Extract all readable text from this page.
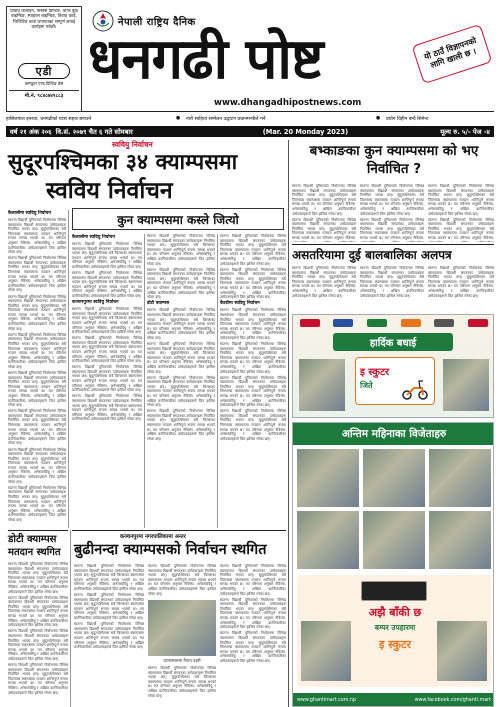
प्रविधि डिजाइन, फ्लेक्स प्रिन्टिङ, वायर बुक बाइन्डिङ, स्पाइरल बाइन्डिङ, विवाह कार्ड, भिजिटिङ कार्ड लगायतका सम्पूर्ण छपाई कार्यहरू गर्दछौं।
एडी
कम्प्युटर एण्ड प्रिन्टिङ प्रेस
मो.नं. ९८४८७४९८८३
नेपाली राष्ट्रिय दैनिक
धनगढी पोष्ट
www.dhangadhipostnews.com
यो ठाउँ विज्ञापनको लागि खाली छ ।
हासिलपाल इनरवा, धनगढीको यात्रा सहज बनाउने	●	नारी साहित्य सम्मेलन उद्घाटन प्रधानमन्त्रीले गर्ने	●	प्रयोग विहीन बन्दै सिमेन्ट
वर्ष २१ अंक २०६ वि.सं. २०७९ चैत ६ गते सोमबार	(Mar. 20 Monday 2023)	मूल्य रु. ५/- पेज -४
स्ववियु निर्वाचन
सुदूरपश्चिमका ३४ क्याम्पसमा
स्वविय निर्वाचन
कुन क्याम्पसमा कस्ले जित्यो

कैलालीमा स्ववियु निर्वाचन

स्वतन्त्र विद्यार्थी युनियनको निर्वाचनमा विभिन्न क्याम्पसमा विद्यार्थी संगठनका उम्मेदवारहरू निर्वाचित भएका छन्। सुदूरपश्चिमका सबै जिल्लाका क्याम्पसमा मतदान शान्तिपूर्ण रूपमा सम्पन्न भएको छ। मत परिणाम अनुसार नेविसंघ, अनेरास्ववियु र अखिल क्रान्तिकारीका उम्मेदवारहरूले जित हासिल गरेका छन्।

स्वतन्त्र विद्यार्थी युनियनको निर्वाचनमा विभिन्न क्याम्पसमा विद्यार्थी संगठनका उम्मेदवारहरू निर्वाचित भएका छन्। सुदूरपश्चिमका सबै जिल्लाका क्याम्पसमा मतदान शान्तिपूर्ण रूपमा सम्पन्न भएको छ। मत परिणाम अनुसार नेविसंघ, अनेरास्ववियु र अखिल क्रान्तिकारीका उम्मेदवारहरूले जित हासिल गरेका छन्।

स्वतन्त्र विद्यार्थी युनियनको निर्वाचनमा विभिन्न क्याम्पसमा विद्यार्थी संगठनका उम्मेदवारहरू निर्वाचित भएका छन्। सुदूरपश्चिमका सबै जिल्लाका क्याम्पसमा मतदान शान्तिपूर्ण रूपमा सम्पन्न भएको छ। मत परिणाम अनुसार नेविसंघ, अनेरास्ववियु र अखिल क्रान्तिकारीका उम्मेदवारहरूले जित हासिल गरेका छन्।

स्वतन्त्र विद्यार्थी युनियनको निर्वाचनमा विभिन्न क्याम्पसमा विद्यार्थी संगठनका उम्मेदवारहरू निर्वाचित भएका छन्। सुदूरपश्चिमका सबै जिल्लाका क्याम्पसमा मतदान शान्तिपूर्ण रूपमा सम्पन्न भएको छ। मत परिणाम अनुसार नेविसंघ, अनेरास्ववियु र अखिल क्रान्तिकारीका उम्मेदवारहरूले जित हासिल गरेका छन्।

स्वतन्त्र विद्यार्थी युनियनको निर्वाचनमा विभिन्न क्याम्पसमा विद्यार्थी संगठनका उम्मेदवारहरू निर्वाचित भएका छन्। सुदूरपश्चिमका सबै जिल्लाका क्याम्पसमा मतदान शान्तिपूर्ण रूपमा सम्पन्न भएको छ। मत परिणाम अनुसार नेविसंघ, अनेरास्ववियु र अखिल क्रान्तिकारीका उम्मेदवारहरूले जित हासिल गरेका छन्।

स्वतन्त्र विद्यार्थी युनियनको निर्वाचनमा विभिन्न क्याम्पसमा विद्यार्थी संगठनका उम्मेदवारहरू निर्वाचित भएका छन्। सुदूरपश्चिमका सबै जिल्लाका क्याम्पसमा मतदान शान्तिपूर्ण रूपमा सम्पन्न भएको छ। मत परिणाम अनुसार नेविसंघ, अनेरास्ववियु र अखिल क्रान्तिकारीका उम्मेदवारहरूले जित हासिल गरेका छन्।

स्वतन्त्र विद्यार्थी युनियनको निर्वाचनमा विभिन्न क्याम्पसमा विद्यार्थी संगठनका उम्मेदवारहरू निर्वाचित भएका छन्। सुदूरपश्चिमका सबै जिल्लाका क्याम्पसमा मतदान शान्तिपूर्ण रूपमा सम्पन्न भएको छ। मत परिणाम अनुसार नेविसंघ, अनेरास्ववियु र अखिल क्रान्तिकारीका उम्मेदवारहरूले जित हासिल गरेका छन्।

स्वतन्त्र विद्यार्थी युनियनको निर्वाचनमा विभिन्न क्याम्पसमा विद्यार्थी संगठनका उम्मेदवारहरू निर्वाचित भएका छन्। सुदूरपश्चिमका सबै जिल्लाका क्याम्पसमा मतदान शान्तिपूर्ण रूपमा सम्पन्न भएको छ। मत परिणाम अनुसार नेविसंघ, अनेरास्ववियु र अखिल क्रान्तिकारीका उम्मेदवारहरूले जित हासिल गरेका छन्।

कैलालीमा स्ववियु निर्वाचन

स्वतन्त्र विद्यार्थी युनियनको निर्वाचनमा विभिन्न क्याम्पसमा विद्यार्थी संगठनका उम्मेदवारहरू निर्वाचित भएका छन्। सुदूरपश्चिमका सबै जिल्लाका क्याम्पसमा मतदान शान्तिपूर्ण रूपमा सम्पन्न भएको छ। मत परिणाम अनुसार नेविसंघ, अनेरास्ववियु र अखिल क्रान्तिकारीका उम्मेदवारहरूले जित हासिल गरेका छन्।

स्वतन्त्र विद्यार्थी युनियनको निर्वाचनमा विभिन्न क्याम्पसमा विद्यार्थी संगठनका उम्मेदवारहरू निर्वाचित भएका छन्। सुदूरपश्चिमका सबै जिल्लाका क्याम्पसमा मतदान शान्तिपूर्ण रूपमा सम्पन्न भएको छ। मत परिणाम अनुसार नेविसंघ, अनेरास्ववियु र अखिल क्रान्तिकारीका उम्मेदवारहरूले जित हासिल गरेका छन्।

कञ्चनपुरमा स्ववियु निर्वाचन

स्वतन्त्र विद्यार्थी युनियनको निर्वाचनमा विभिन्न क्याम्पसमा विद्यार्थी संगठनका उम्मेदवारहरू निर्वाचित भएका छन्। सुदूरपश्चिमका सबै जिल्लाका क्याम्पसमा मतदान शान्तिपूर्ण रूपमा सम्पन्न भएको छ। मत परिणाम अनुसार नेविसंघ, अनेरास्ववियु र अखिल क्रान्तिकारीका उम्मेदवारहरूले जित हासिल गरेका छन्।

स्वतन्त्र विद्यार्थी युनियनको निर्वाचनमा विभिन्न क्याम्पसमा विद्यार्थी संगठनका उम्मेदवारहरू निर्वाचित भएका छन्। सुदूरपश्चिमका सबै जिल्लाका क्याम्पसमा मतदान शान्तिपूर्ण रूपमा सम्पन्न भएको छ। मत परिणाम अनुसार नेविसंघ, अनेरास्ववियु र अखिल क्रान्तिकारीका उम्मेदवारहरूले जित हासिल गरेका छन्।

स्वतन्त्र विद्यार्थी युनियनको निर्वाचनमा विभिन्न क्याम्पसमा विद्यार्थी संगठनका उम्मेदवारहरू निर्वाचित भएका छन्। सुदूरपश्चिमका सबै जिल्लाका क्याम्पसमा मतदान शान्तिपूर्ण रूपमा सम्पन्न भएको छ। मत परिणाम अनुसार नेविसंघ, अनेरास्ववियु र अखिल क्रान्तिकारीका उम्मेदवारहरूले जित हासिल गरेका छन्।

स्वतन्त्र विद्यार्थी युनियनको निर्वाचनमा विभिन्न क्याम्पसमा विद्यार्थी संगठनका उम्मेदवारहरू निर्वाचित भएका छन्। सुदूरपश्चिमका सबै जिल्लाका क्याम्पसमा मतदान शान्तिपूर्ण रूपमा सम्पन्न भएको छ। मत परिणाम अनुसार नेविसंघ, अनेरास्ववियु र अखिल क्रान्तिकारीका उम्मेदवारहरूले जित हासिल गरेका छन्।

स्वतन्त्र विद्यार्थी युनियनको निर्वाचनमा विभिन्न क्याम्पसमा विद्यार्थी संगठनका उम्मेदवारहरू निर्वाचित भएका छन्। सुदूरपश्चिमका सबै जिल्लाका क्याम्पसमा मतदान शान्तिपूर्ण रूपमा सम्पन्न भएको छ। मत परिणाम अनुसार नेविसंघ, अनेरास्ववियु र अखिल क्रान्तिकारीका उम्मेदवारहरूले जित हासिल गरेका छन्।

स्वतन्त्र विद्यार्थी युनियनको निर्वाचनमा विभिन्न क्याम्पसमा विद्यार्थी संगठनका उम्मेदवारहरू निर्वाचित भएका छन्। सुदूरपश्चिमका सबै जिल्लाका क्याम्पसमा मतदान शान्तिपूर्ण रूपमा सम्पन्न भएको छ। मत परिणाम अनुसार नेविसंघ, अनेरास्ववियु र अखिल क्रान्तिकारीका उम्मेदवारहरूले जित हासिल गरेका छन्।

डोटी क्याम्पस

स्वतन्त्र विद्यार्थी युनियनको निर्वाचनमा विभिन्न क्याम्पसमा विद्यार्थी संगठनका उम्मेदवारहरू निर्वाचित भएका छन्। सुदूरपश्चिमका सबै जिल्लाका क्याम्पसमा मतदान शान्तिपूर्ण रूपमा सम्पन्न भएको छ। मत परिणाम अनुसार नेविसंघ, अनेरास्ववियु र अखिल क्रान्तिकारीका उम्मेदवारहरूले जित हासिल गरेका छन्।

स्वतन्त्र विद्यार्थी युनियनको निर्वाचनमा विभिन्न क्याम्पसमा विद्यार्थी संगठनका उम्मेदवारहरू निर्वाचित भएका छन्। सुदूरपश्चिमका सबै जिल्लाका क्याम्पसमा मतदान शान्तिपूर्ण रूपमा सम्पन्न भएको छ। मत परिणाम अनुसार नेविसंघ, अनेरास्ववियु र अखिल क्रान्तिकारीका उम्मेदवारहरूले जित हासिल गरेका छन्।

स्वतन्त्र विद्यार्थी युनियनको निर्वाचनमा विभिन्न क्याम्पसमा विद्यार्थी संगठनका उम्मेदवारहरू निर्वाचित भएका छन्। सुदूरपश्चिमका सबै जिल्लाका क्याम्पसमा मतदान शान्तिपूर्ण रूपमा सम्पन्न भएको छ। मत परिणाम अनुसार नेविसंघ, अनेरास्ववियु र अखिल क्रान्तिकारीका उम्मेदवारहरूले जित हासिल गरेका छन्।

स्वतन्त्र विद्यार्थी युनियनको निर्वाचनमा विभिन्न क्याम्पसमा विद्यार्थी संगठनका उम्मेदवारहरू निर्वाचित भएका छन्। सुदूरपश्चिमका सबै जिल्लाका क्याम्पसमा मतदान शान्तिपूर्ण रूपमा सम्पन्न भएको छ। मत परिणाम अनुसार नेविसंघ, अनेरास्ववियु र अखिल क्रान्तिकारीका उम्मेदवारहरूले जित हासिल गरेका छन्।

स्वतन्त्र विद्यार्थी युनियनको निर्वाचनमा विभिन्न क्याम्पसमा विद्यार्थी संगठनका उम्मेदवारहरू निर्वाचित भएका छन्। सुदूरपश्चिमका सबै जिल्लाका क्याम्पसमा मतदान शान्तिपूर्ण रूपमा सम्पन्न भएको छ। मत परिणाम अनुसार नेविसंघ, अनेरास्ववियु र अखिल क्रान्तिकारीका उम्मेदवारहरूले जित हासिल गरेका छन्।

स्वतन्त्र विद्यार्थी युनियनको निर्वाचनमा विभिन्न क्याम्पसमा विद्यार्थी संगठनका उम्मेदवारहरू निर्वाचित भएका छन्। सुदूरपश्चिमका सबै जिल्लाका क्याम्पसमा मतदान शान्तिपूर्ण रूपमा सम्पन्न भएको छ। मत परिणाम अनुसार नेविसंघ, अनेरास्ववियु र अखिल क्रान्तिकारीका उम्मेदवारहरूले जित हासिल गरेका छन्।

बैतडीमा स्ववियु निर्वाचन

स्वतन्त्र विद्यार्थी युनियनको निर्वाचनमा विभिन्न क्याम्पसमा विद्यार्थी संगठनका उम्मेदवारहरू निर्वाचित भएका छन्। सुदूरपश्चिमका सबै जिल्लाका क्याम्पसमा मतदान शान्तिपूर्ण रूपमा सम्पन्न भएको छ। मत परिणाम अनुसार नेविसंघ, अनेरास्ववियु र अखिल क्रान्तिकारीका उम्मेदवारहरूले जित हासिल गरेका छन्।

स्वतन्त्र विद्यार्थी युनियनको निर्वाचनमा विभिन्न क्याम्पसमा विद्यार्थी संगठनका उम्मेदवारहरू निर्वाचित भएका छन्। सुदूरपश्चिमका सबै जिल्लाका क्याम्पसमा मतदान शान्तिपूर्ण रूपमा सम्पन्न भएको छ। मत परिणाम अनुसार नेविसंघ, अनेरास्ववियु र अखिल क्रान्तिकारीका उम्मेदवारहरूले जित हासिल गरेका छन्।

स्वतन्त्र विद्यार्थी युनियनको निर्वाचनमा विभिन्न क्याम्पसमा विद्यार्थी संगठनका उम्मेदवारहरू निर्वाचित भएका छन्। सुदूरपश्चिमका सबै जिल्लाका क्याम्पसमा मतदान शान्तिपूर्ण रूपमा सम्पन्न भएको छ। मत परिणाम अनुसार नेविसंघ, अनेरास्ववियु र अखिल क्रान्तिकारीका उम्मेदवारहरूले जित हासिल गरेका छन्।

स्वतन्त्र विद्यार्थी युनियनको निर्वाचनमा विभिन्न क्याम्पसमा विद्यार्थी संगठनका उम्मेदवारहरू निर्वाचित भएका छन्। सुदूरपश्चिमका सबै जिल्लाका क्याम्पसमा मतदान शान्तिपूर्ण रूपमा सम्पन्न भएको छ। मत परिणाम अनुसार नेविसंघ, अनेरास्ववियु र अखिल क्रान्तिकारीका उम्मेदवारहरूले जित हासिल गरेका छन्।

बभ्काङका कुन क्याम्पसमा को भए निर्वाचित ?

स्वतन्त्र विद्यार्थी युनियनको निर्वाचनमा विभिन्न क्याम्पसमा विद्यार्थी संगठनका उम्मेदवारहरू निर्वाचित भएका छन्। सुदूरपश्चिमका सबै जिल्लाका क्याम्पसमा मतदान शान्तिपूर्ण रूपमा सम्पन्न भएको छ। मत परिणाम अनुसार नेविसंघ, अनेरास्ववियु र अखिल क्रान्तिकारीका उम्मेदवारहरूले जित हासिल गरेका छन्।

स्वतन्त्र विद्यार्थी युनियनको निर्वाचनमा विभिन्न क्याम्पसमा विद्यार्थी संगठनका उम्मेदवारहरू निर्वाचित भएका छन्। सुदूरपश्चिमका सबै जिल्लाका क्याम्पसमा मतदान शान्तिपूर्ण रूपमा सम्पन्न भएको छ। मत परिणाम अनुसार नेविसंघ,

स्वतन्त्र विद्यार्थी युनियनको निर्वाचनमा विभिन्न क्याम्पसमा विद्यार्थी संगठनका उम्मेदवारहरू निर्वाचित भएका छन्। सुदूरपश्चिमका सबै जिल्लाका क्याम्पसमा मतदान शान्तिपूर्ण रूपमा सम्पन्न भएको छ। मत परिणाम अनुसार नेविसंघ, अनेरास्ववियु र अखिल क्रान्तिकारीका उम्मेदवारहरूले जित हासिल गरेका छन्।

स्वतन्त्र विद्यार्थी युनियनको निर्वाचनमा विभिन्न क्याम्पसमा विद्यार्थी संगठनका उम्मेदवारहरू निर्वाचित भएका छन्। सुदूरपश्चिमका सबै जिल्लाका क्याम्पसमा मतदान शान्तिपूर्ण रूपमा सम्पन्न भएको छ। मत परिणाम अनुसार नेविसंघ,

स्वतन्त्र विद्यार्थी युनियनको निर्वाचनमा विभिन्न क्याम्पसमा विद्यार्थी संगठनका उम्मेदवारहरू निर्वाचित भएका छन्। सुदूरपश्चिमका सबै जिल्लाका क्याम्पसमा मतदान शान्तिपूर्ण रूपमा सम्पन्न भएको छ। मत परिणाम अनुसार नेविसंघ, अनेरास्ववियु र अखिल क्रान्तिकारीका उम्मेदवारहरूले जित हासिल गरेका छन्।

स्वतन्त्र विद्यार्थी युनियनको निर्वाचनमा विभिन्न क्याम्पसमा विद्यार्थी संगठनका उम्मेदवारहरू निर्वाचित भएका छन्। सुदूरपश्चिमका सबै जिल्लाका क्याम्पसमा मतदान शान्तिपूर्ण रूपमा सम्पन्न भएको छ। मत परिणाम अनुसार नेविसंघ,

असतरियामा दुई बालबालिका अलपत्र

स्वतन्त्र विद्यार्थी युनियनको निर्वाचनमा विभिन्न क्याम्पसमा विद्यार्थी संगठनका उम्मेदवारहरू निर्वाचित भएका छन्। सुदूरपश्चिमका सबै जिल्लाका क्याम्पसमा मतदान शान्तिपूर्ण रूपमा सम्पन्न भएको छ। मत परिणाम अनुसार नेविसंघ, अनेरास्ववियु र अखिल क्रान्तिकारीका उम्मेदवारहरूले जित हासिल गरेका छन्।

स्वतन्त्र विद्यार्थी युनियनको निर्वाचनमा विभिन्न क्याम्पसमा विद्यार्थी संगठनका उम्मेदवारहरू निर्वाचित भएका छन्। सुदूरपश्चिमका सबै जिल्लाका क्याम्पसमा मतदान शान्तिपूर्ण रूपमा सम्पन्न भएको छ। मत परिणाम अनुसार नेविसंघ, अनेरास्ववियु र अखिल क्रान्तिकारीका उम्मेदवारहरूले जित हासिल गरेका छन्।

स्वतन्त्र विद्यार्थी युनियनको निर्वाचनमा विभिन्न क्याम्पसमा विद्यार्थी संगठनका उम्मेदवारहरू निर्वाचित भएका छन्। सुदूरपश्चिमका सबै जिल्लाका क्याम्पसमा मतदान शान्तिपूर्ण रूपमा सम्पन्न भएको छ। मत परिणाम अनुसार नेविसंघ, अनेरास्ववियु र अखिल क्रान्तिकारीका उम्मेदवारहरूले जित हासिल गरेका छन्।

हार्दिक बधाई
इ स्कुटर
जिते
अन्तिम महिनाका विजेताहरु
अझै बाँकी छ
बम्पर उपहारमा
इ स्कुटर
www.ghantimart.com.np	www.facebook.com/ghanti.mart
डोटी क्याम्पस मतदान स्थगित

स्वतन्त्र विद्यार्थी युनियनको निर्वाचनमा विभिन्न क्याम्पसमा विद्यार्थी संगठनका उम्मेदवारहरू निर्वाचित भएका छन्। सुदूरपश्चिमका सबै जिल्लाका क्याम्पसमा मतदान शान्तिपूर्ण रूपमा सम्पन्न भएको छ। मत परिणाम अनुसार नेविसंघ, अनेरास्ववियु र अखिल क्रान्तिकारीका उम्मेदवारहरूले जित हासिल गरेका छन्।

स्वतन्त्र विद्यार्थी युनियनको निर्वाचनमा विभिन्न क्याम्पसमा विद्यार्थी संगठनका उम्मेदवारहरू निर्वाचित भएका छन्। सुदूरपश्चिमका सबै जिल्लाका क्याम्पसमा मतदान शान्तिपूर्ण रूपमा सम्पन्न भएको छ। मत परिणाम अनुसार नेविसंघ, अनेरास्ववियु र अखिल क्रान्तिकारीका उम्मेदवारहरूले जित हासिल गरेका छन्।

स्वतन्त्र विद्यार्थी युनियनको निर्वाचनमा विभिन्न क्याम्पसमा विद्यार्थी संगठनका उम्मेदवारहरू निर्वाचित भएका छन्। सुदूरपश्चिमका सबै जिल्लाका क्याम्पसमा मतदान शान्तिपूर्ण रूपमा सम्पन्न भएको छ। मत परिणाम अनुसार नेविसंघ, अनेरास्ववियु र अखिल क्रान्तिकारीका उम्मेदवारहरूले जित हासिल गरेका छन्।

स्वतन्त्र विद्यार्थी युनियनको निर्वाचनमा विभिन्न क्याम्पसमा विद्यार्थी संगठनका उम्मेदवारहरू निर्वाचित भएका छन्। सुदूरपश्चिमका सबै जिल्लाका क्याम्पसमा मतदान शान्तिपूर्ण रूपमा सम्पन्न भएको छ। मत परिणाम अनुसार नेविसंघ, अनेरास्ववियु र अखिल क्रान्तिकारीका उम्मेदवारहरूले जित हासिल गरेका छन्।

कञ्चनपुरमा नगरपालिकामा अन्तर
बुढीनन्दा क्याम्पसको निर्वाचन स्थगित

स्वतन्त्र विद्यार्थी युनियनको निर्वाचनमा विभिन्न क्याम्पसमा विद्यार्थी संगठनका उम्मेदवारहरू निर्वाचित भएका छन्। सुदूरपश्चिमका सबै जिल्लाका क्याम्पसमा मतदान शान्तिपूर्ण रूपमा सम्पन्न भएको छ। मत परिणाम अनुसार नेविसंघ, अनेरास्ववियु र अखिल क्रान्तिकारीका उम्मेदवारहरूले जित हासिल गरेका छन्।

स्वतन्त्र विद्यार्थी युनियनको निर्वाचनमा विभिन्न क्याम्पसमा विद्यार्थी संगठनका उम्मेदवारहरू निर्वाचित भएका छन्। सुदूरपश्चिमका सबै जिल्लाका क्याम्पसमा मतदान शान्तिपूर्ण रूपमा सम्पन्न भएको छ। मत परिणाम अनुसार नेविसंघ, अनेरास्ववियु र अखिल क्रान्तिकारीका उम्मेदवारहरूले जित हासिल गरेका छन्।

स्वतन्त्र विद्यार्थी युनियनको निर्वाचनमा विभिन्न क्याम्पसमा विद्यार्थी संगठनका उम्मेदवारहरू निर्वाचित भएका छन्। सुदूरपश्चिमका सबै जिल्लाका क्याम्पसमा मतदान शान्तिपूर्ण रूपमा सम्पन्न भएको छ। मत परिणाम अनुसार नेविसंघ, अनेरास्ववियु र अखिल क्रान्तिकारीका उम्मेदवारहरूले जित हासिल गरेका छन्।

स्वतन्त्र विद्यार्थी युनियनको निर्वाचनमा विभिन्न क्याम्पसमा विद्यार्थी संगठनका उम्मेदवारहरू निर्वाचित भएका छन्। सुदूरपश्चिमका सबै जिल्लाका क्याम्पसमा मतदान शान्तिपूर्ण रूपमा सम्पन्न भएको छ। मत परिणाम अनुसार नेविसंघ, अनेरास्ववियु र अखिल क्रान्तिकारीका उम्मेदवारहरूले जित हासिल गरेका छन्।

घटनास्थलमा तैनाथ प्रहरी

स्वतन्त्र विद्यार्थी युनियनको निर्वाचनमा विभिन्न क्याम्पसमा विद्यार्थी संगठनका उम्मेदवारहरू निर्वाचित भएका छन्। सुदूरपश्चिमका सबै जिल्लाका क्याम्पसमा मतदान शान्तिपूर्ण रूपमा सम्पन्न भएको छ। मत परिणाम अनुसार नेविसंघ, अनेरास्ववियु र अखिल क्रान्तिकारीका उम्मेदवारहरूले जित हासिल गरेका छन्।

स्वतन्त्र विद्यार्थी युनियनको निर्वाचनमा विभिन्न क्याम्पसमा विद्यार्थी संगठनका उम्मेदवारहरू निर्वाचित भएका छन्। सुदूरपश्चिमका सबै जिल्लाका क्याम्पसमा मतदान शान्तिपूर्ण रूपमा सम्पन्न भएको छ। मत परिणाम अनुसार नेविसंघ, अनेरास्ववियु र अखिल क्रान्तिकारीका उम्मेदवारहरूले जित हासिल गरेका छन्।

स्वतन्त्र विद्यार्थी युनियनको निर्वाचनमा विभिन्न क्याम्पसमा विद्यार्थी संगठनका उम्मेदवारहरू निर्वाचित भएका छन्। सुदूरपश्चिमका सबै जिल्लाका क्याम्पसमा मतदान शान्तिपूर्ण रूपमा सम्पन्न भएको छ। मत परिणाम अनुसार नेविसंघ, अनेरास्ववियु र अखिल क्रान्तिकारीका उम्मेदवारहरूले जित हासिल गरेका छन्।

स्वतन्त्र विद्यार्थी युनियनको निर्वाचनमा विभिन्न क्याम्पसमा विद्यार्थी संगठनका उम्मेदवारहरू निर्वाचित भएका छन्। सुदूरपश्चिमका सबै जिल्लाका क्याम्पसमा मतदान शान्तिपूर्ण रूपमा सम्पन्न भएको छ। मत परिणाम अनुसार नेविसंघ, अनेरास्ववियु र अखिल क्रान्तिकारीका उम्मेदवारहरूले जित हासिल गरेका छन्।
